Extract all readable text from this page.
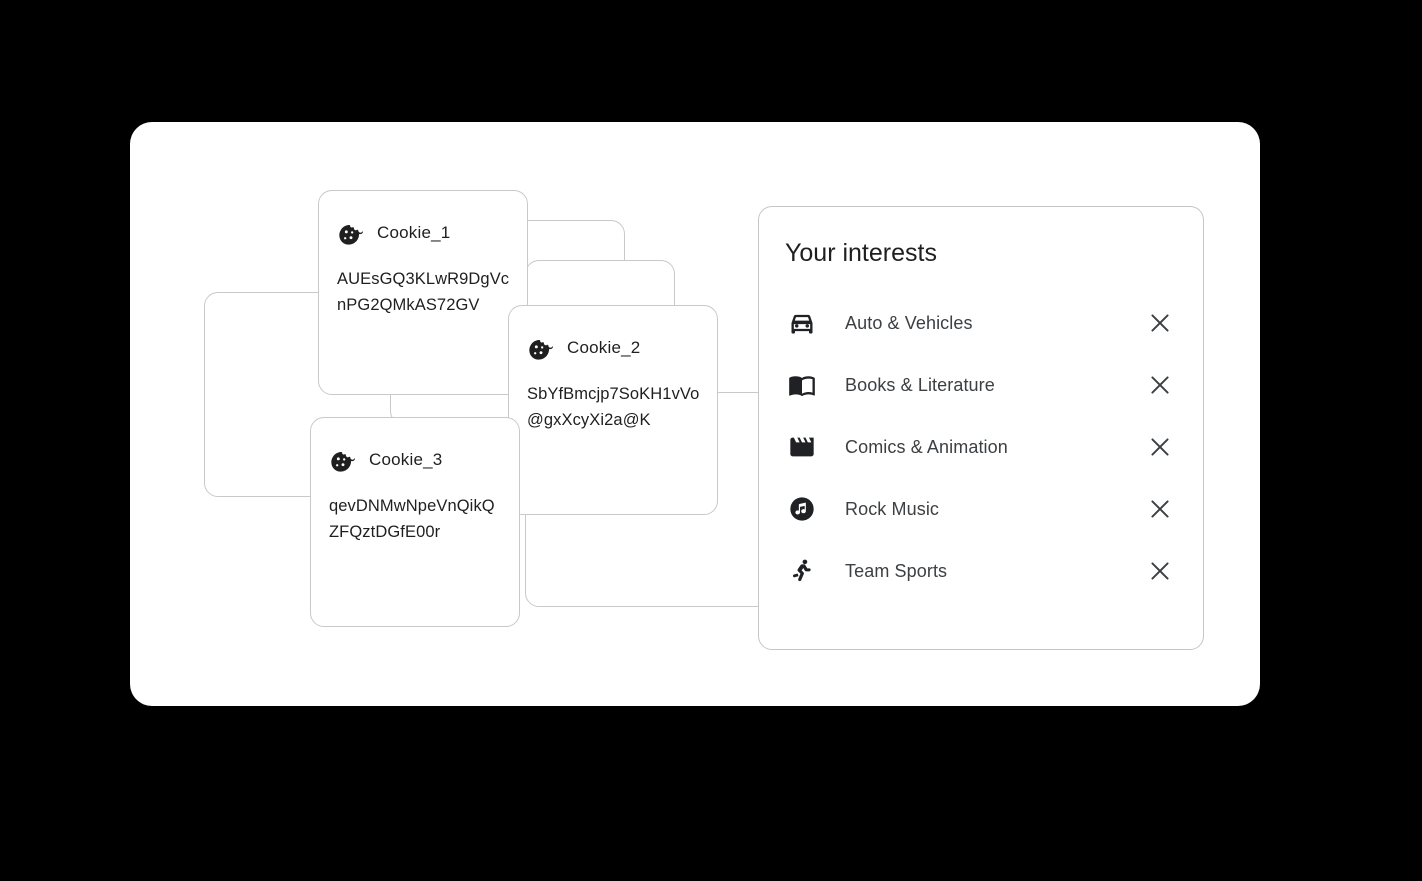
Cookie_1
AUEsGQ3KLwR9DgVcnPG2QMkAS72GV
Cookie_2
SbYfBmcjp7SoKH1vVo@gxXcyXi2a@K
Cookie_3
qevDNMwNpeVnQikQZFQztDGfE00r
Your interests
Auto & Vehicles
Books & Literature
Comics & Animation
Rock Music
Team Sports
